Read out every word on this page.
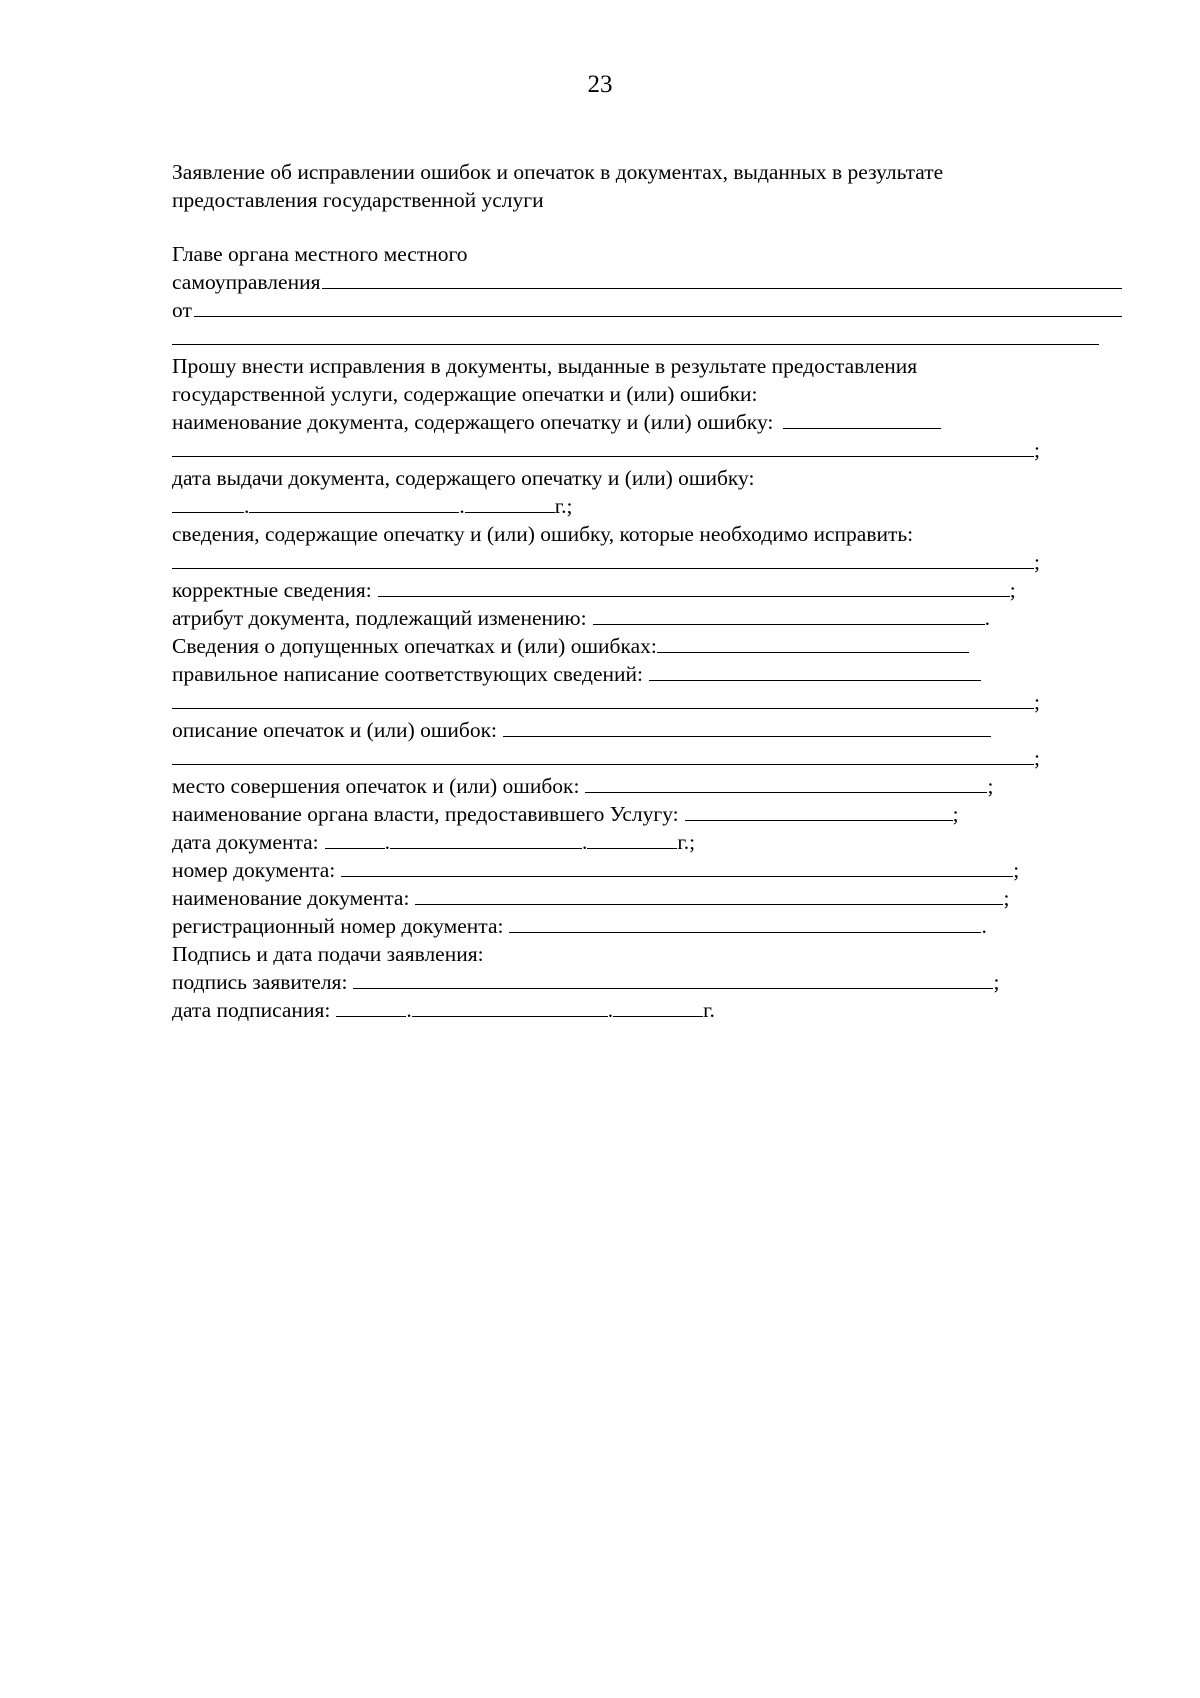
23
Заявление об исправлении ошибок и опечаток в документах, выданных в результате
предоставления государственной услуги
Главе органа местного местного
самоуправления
от
Прошу внести исправления в документы, выданные в результате предоставления
государственной услуги, содержащие опечатки и (или) ошибки:
наименование документа, содержащего опечатку и (или) ошибку:
;
дата выдачи документа, содержащего опечатку и (или) ошибку:
.	.	г.;
сведения, содержащие опечатку и (или) ошибку, которые необходимо исправить:
;
корректные сведения:	;
атрибут документа, подлежащий изменению:	.
Сведения о допущенных опечатках и (или) ошибках:
правильное написание соответствующих сведений:
;
описание опечаток и (или) ошибок:
;
место совершения опечаток и (или) ошибок:	;
наименование органа власти, предоставившего Услугу:	;
дата документа:	.	.	г.;
номер документа:	;
наименование документа:	;
регистрационный номер документа:	.
Подпись и дата подачи заявления:
подпись заявителя:	;
дата подписания:	.	.	г.
